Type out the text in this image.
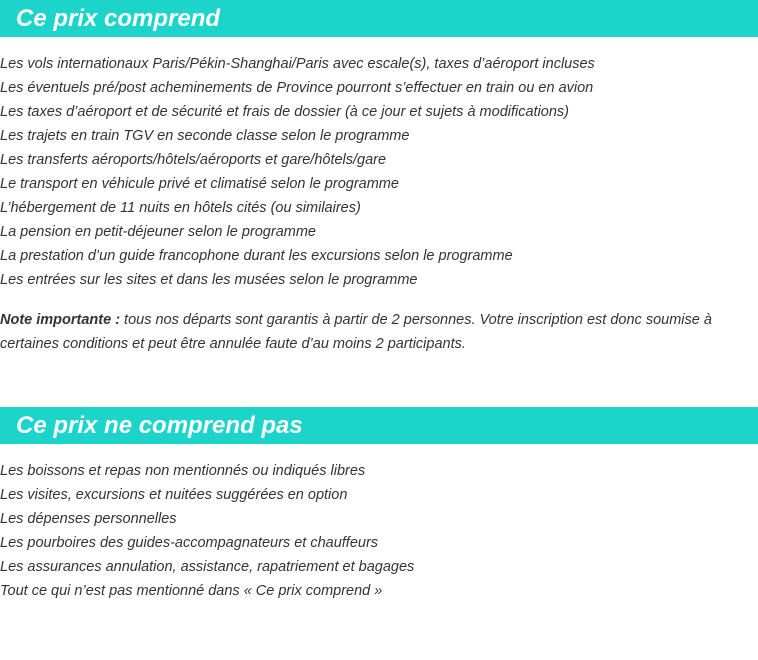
Ce prix comprend
Les vols internationaux Paris/Pékin-Shanghai/Paris avec escale(s), taxes d’aéroport incluses
Les éventuels pré/post acheminements de Province pourront s’effectuer en train ou en avion
Les taxes d’aéroport et de sécurité et frais de dossier (à ce jour et sujets à modifications)
Les trajets en train TGV en seconde classe selon le programme
Les transferts aéroports/hôtels/aéroports et gare/hôtels/gare
Le transport en véhicule privé et climatisé selon le programme
L’hébergement de 11 nuits en hôtels cités (ou similaires)
La pension en petit-déjeuner selon le programme
La prestation d’un guide francophone durant les excursions selon le programme
Les entrées sur les sites et dans les musées selon le programme

Note importante : tous nos départs sont garantis à partir de 2 personnes. Votre inscription est donc soumise à certaines conditions et peut être annulée faute d’au moins 2 participants.

Ce prix ne comprend pas
Les boissons et repas non mentionnés ou indiqués libres
Les visites, excursions et nuitées suggérées en option
Les dépenses personnelles
Les pourboires des guides-accompagnateurs et chauffeurs
Les assurances annulation, assistance, rapatriement et bagages
Tout ce qui n’est pas mentionné dans « Ce prix comprend »
